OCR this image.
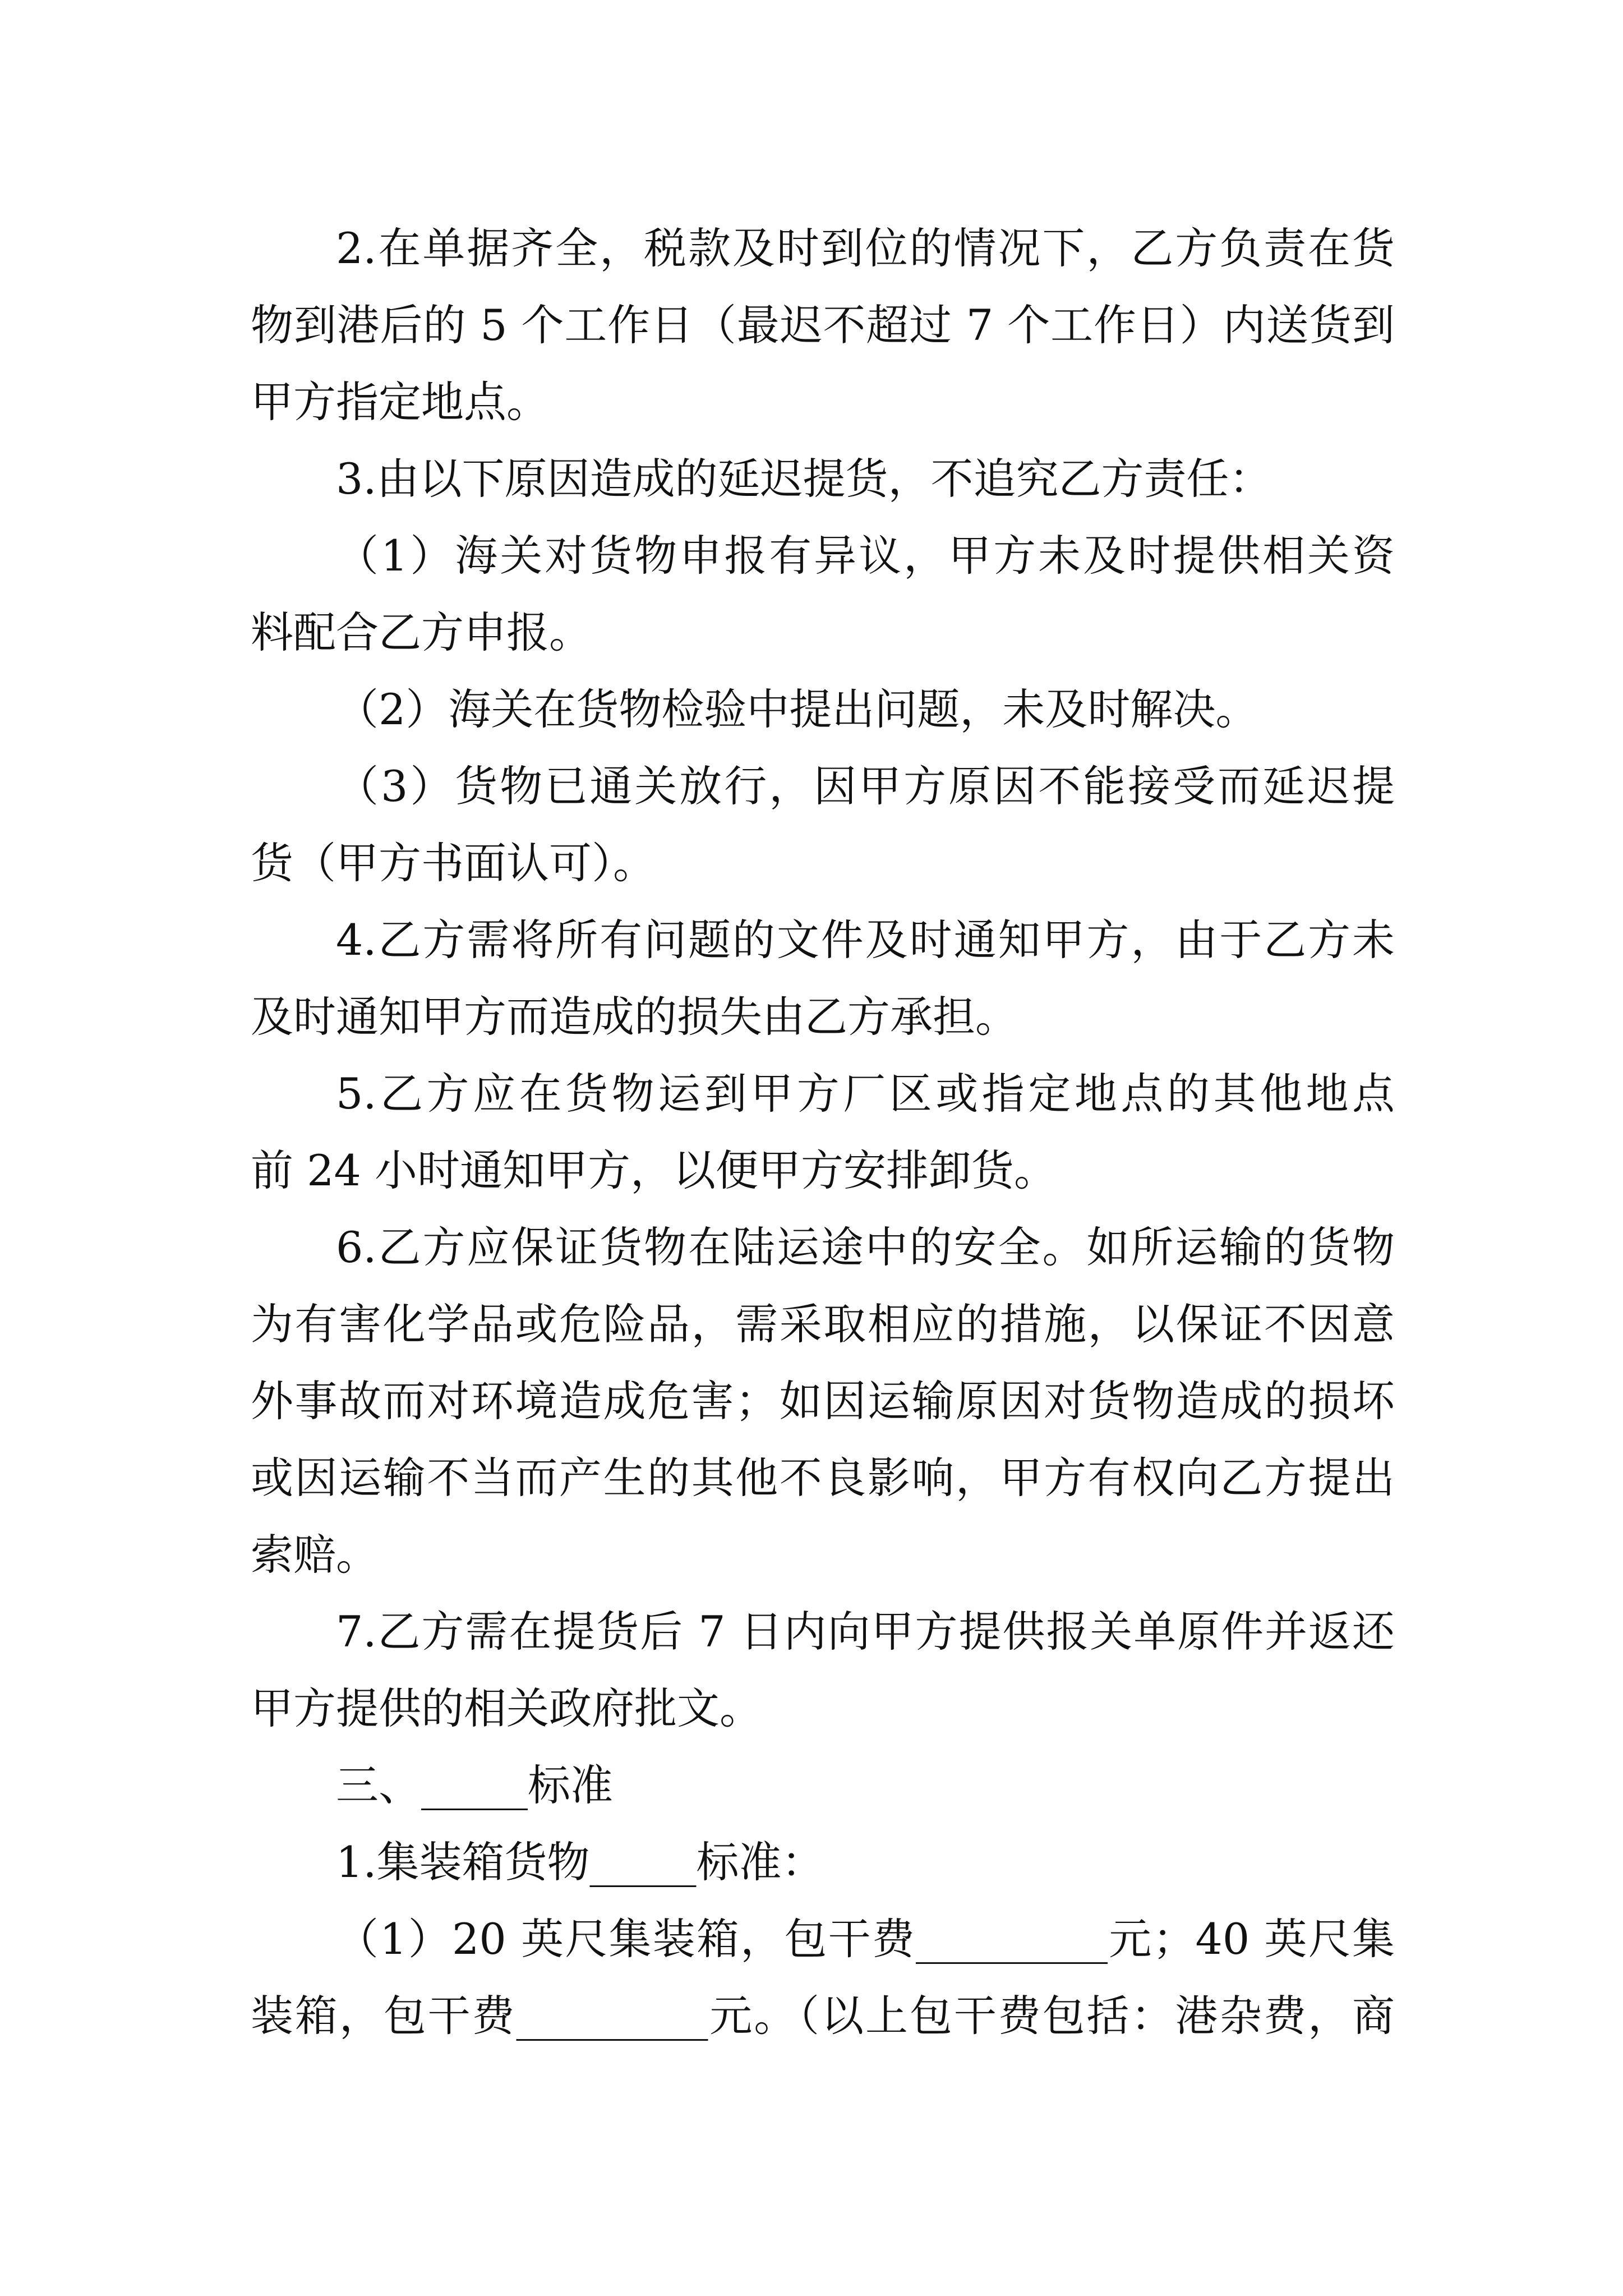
2.在单据齐全，税款及时到位的情况下，乙方负责在货
物到港后的 5 个工作日（最迟不超过 7 个工作日）内送货到
甲方指定地点。
3.由以下原因造成的延迟提货，不追究乙方责任：
（1）海关对货物申报有异议，甲方未及时提供相关资
料配合乙方申报。
（2）海关在货物检验中提出问题，未及时解决。
（3）货物已通关放行，因甲方原因不能接受而延迟提
货（甲方书面认可）。
4.乙方需将所有问题的文件及时通知甲方，由于乙方未
及时通知甲方而造成的损失由乙方承担。
5.乙方应在货物运到甲方厂区或指定地点的其他地点
前 24 小时通知甲方，以便甲方安排卸货。
6.乙方应保证货物在陆运途中的安全。如所运输的货物
为有害化学品或危险品，需采取相应的措施，以保证不因意
外事故而对环境造成危害；如因运输原因对货物造成的损坏
或因运输不当而产生的其他不良影响，甲方有权向乙方提出
索赔。
7.乙方需在提货后 7 日内向甲方提供报关单原件并返还
甲方提供的相关政府批文。
三、_____标准
1.集装箱货物_____标准：
（1）20 英尺集装箱，包干费_________元；40 英尺集
装箱，包干费_________元。（以上包干费包括：港杂费，商
